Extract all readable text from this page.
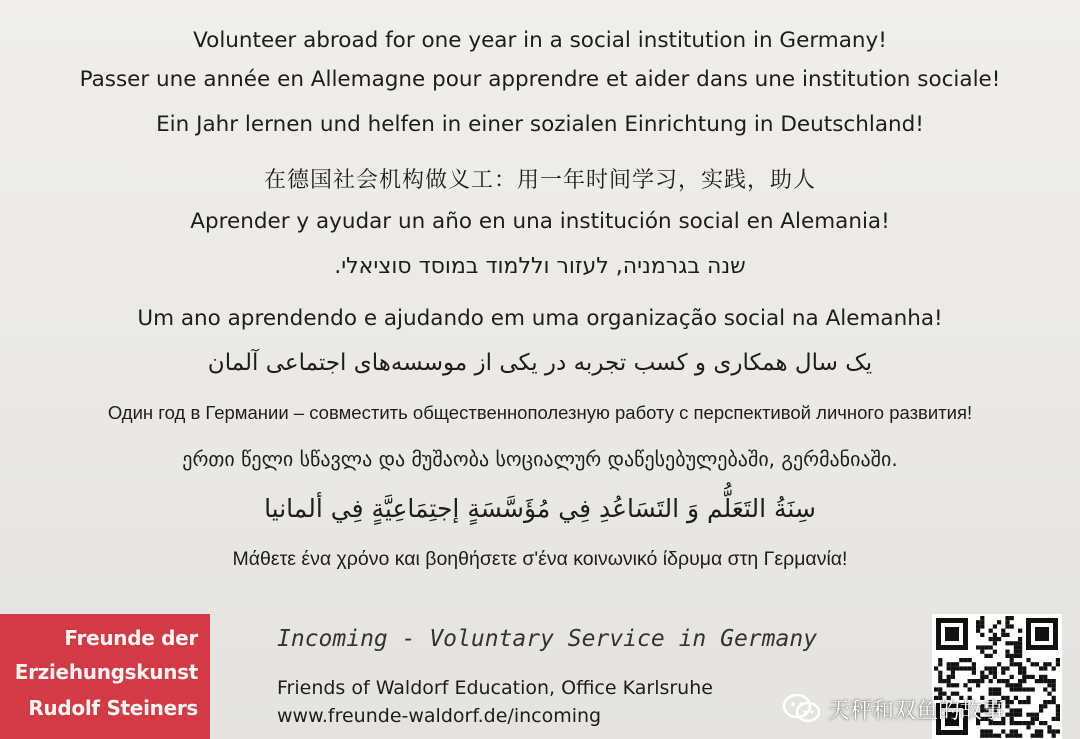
Volunteer abroad for one year in a social institution in Germany!
Passer une année en Allemagne pour apprendre et aider dans une institution sociale!
Ein Jahr lernen und helfen in einer sozialen Einrichtung in Deutschland!
在德国社会机构做义工：用一年时间学习，实践，助人
Aprender y ayudar un año en una institución social en Alemania!
שנה בגרמניה, לעזור וללמוד במוסד סוציאלי.
Um ano aprendendo e ajudando em uma organização social na Alemanha!
یک سال همکاری و کسب تجربه در یکی از موسسه‌های اجتماعی آلمان
Один год в Германии – совместить общественнополезную работу с перспективой личного развития!
ერთი წელი სწავლა და მუშაობა სოციალურ დაწესებულებაში, გერმანიაში.
سِنَةُ التَعَلُّم وَ التَسَاعُدِ فِي مُؤَسَّسَةٍ إجتِمَاعِيَّةٍ فِي ألمانيا
Μάθετε ένα χρόνο και βοηθήσετε σ'ένα κοινωνικό ίδρυμα στη Γερμανία!
Freunde der
Erziehungskunst
Rudolf Steiners
Incoming - Voluntary Service in Germany
Friends of Waldorf Education, Office Karlsruhe
www.freunde-waldorf.de/incoming	天秤和双鱼的故事
